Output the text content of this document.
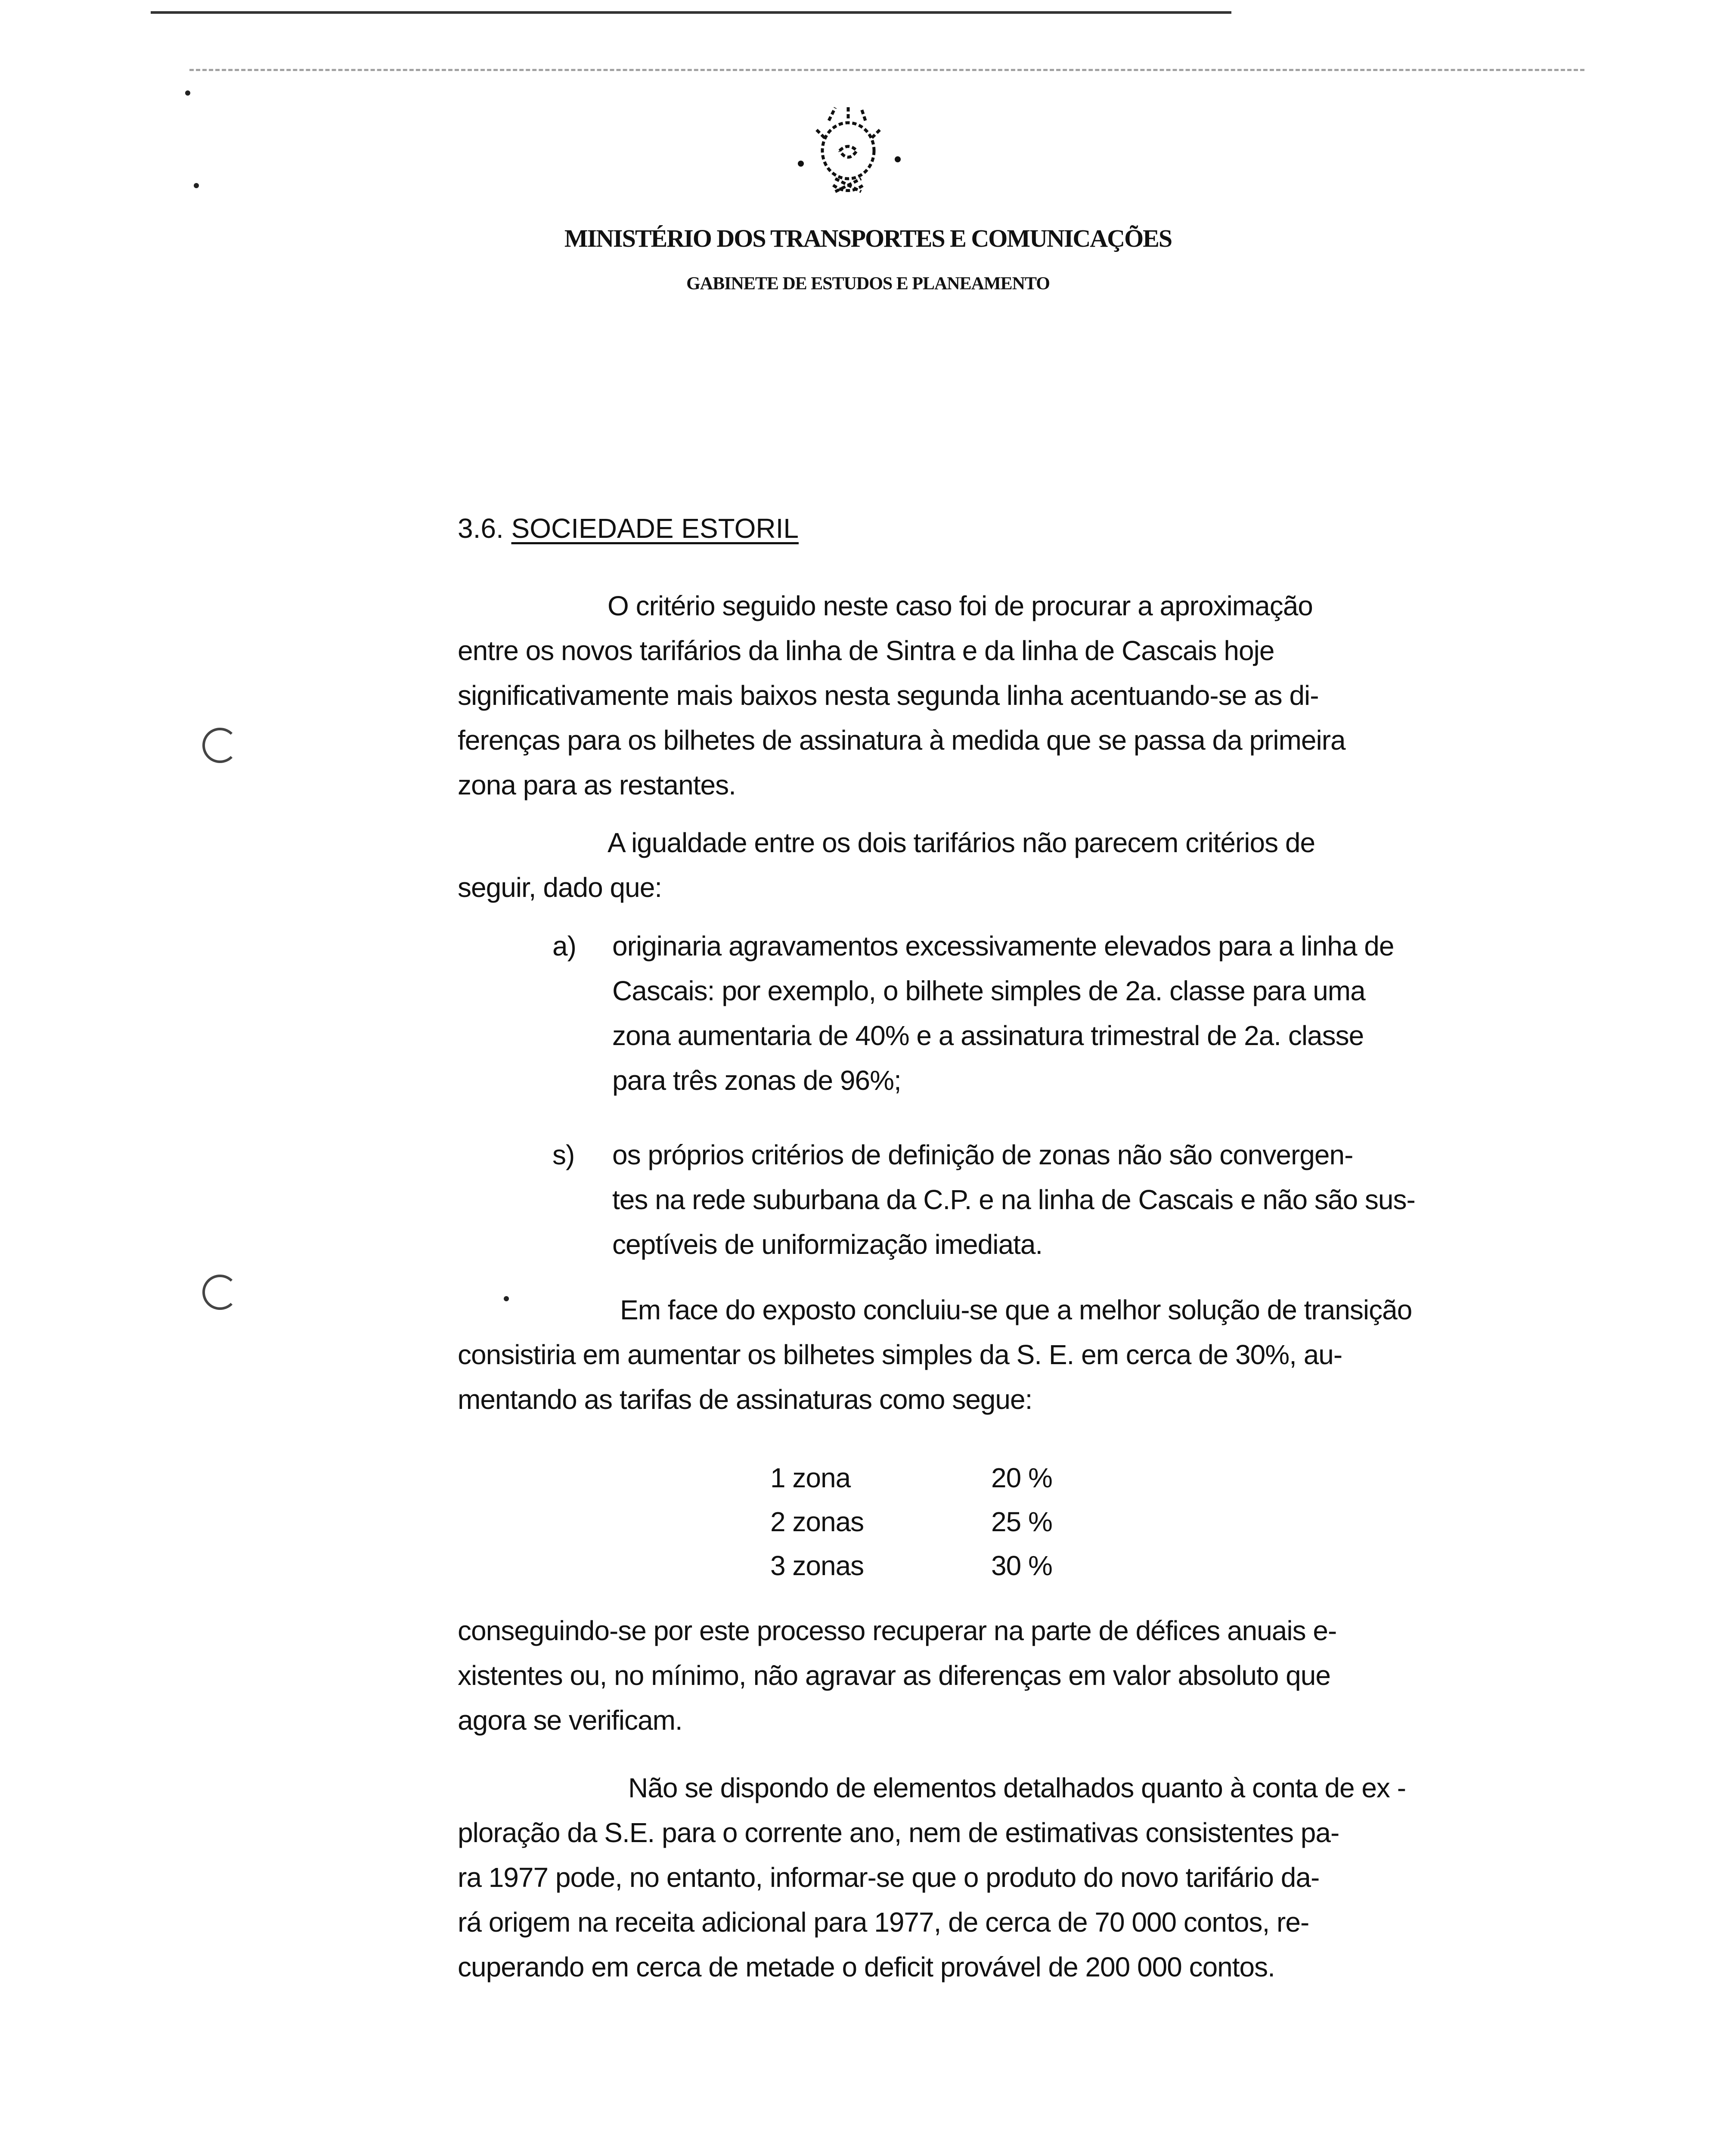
MINISTÉRIO DOS TRANSPORTES E COMUNICAÇÕES
GABINETE DE ESTUDOS E PLANEAMENTO
3.6. SOCIEDADE ESTORIL
O critério seguido neste caso foi de procurar a aproximação
entre os novos tarifários da linha de Sintra e da linha de Cascais hoje
significativamente mais baixos nesta segunda linha acentuando-se as di-
ferenças para os bilhetes de assinatura à medida que se passa da primeira
zona para as restantes.
A igualdade entre os dois tarifários não parecem critérios de
seguir, dado que:
a) originaria agravamentos excessivamente elevados para a linha de
Cascais: por exemplo, o bilhete simples de 2a. classe para uma
zona aumentaria de 40% e a assinatura trimestral de 2a. classe
para três zonas de 96%;
s) os próprios critérios de definição de zonas não são convergen-
tes na rede suburbana da C.P. e na linha de Cascais e não são sus-
ceptíveis de uniformização imediata.
Em face do exposto concluiu-se que a melhor solução de transição
consistiria em aumentar os bilhetes simples da S. E. em cerca de 30%, au-
mentando as tarifas de assinaturas como segue:
conseguindo-se por este processo recuperar na parte de défices anuais e-
xistentes ou, no mínimo, não agravar as diferenças em valor absoluto que
agora se verificam.
Não se dispondo de elementos detalhados quanto à conta de ex -
ploração da S.E. para o corrente ano, nem de estimativas consistentes pa-
ra 1977 pode, no entanto, informar-se que o produto do novo tarifário da-
rá origem na receita adicional para 1977, de cerca de 70 000 contos, re-
cuperando em cerca de metade o deficit provável de 200 000 contos.
1 zona	20 %
2 zonas	25 %
3 zonas	30 %
